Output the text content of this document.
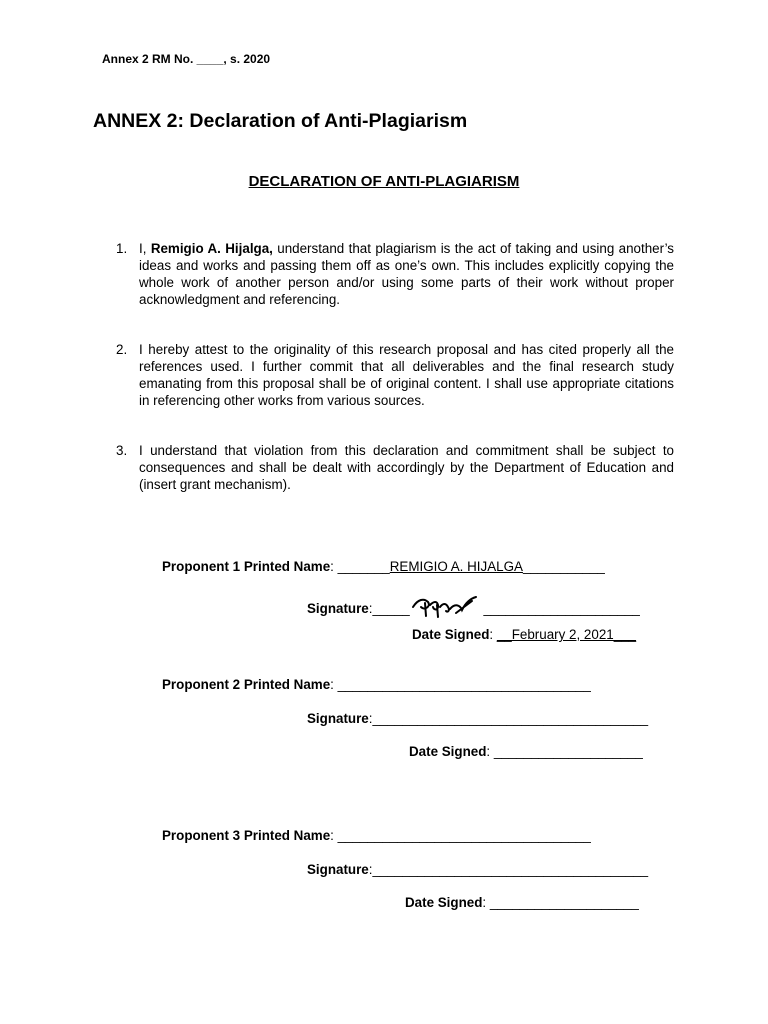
Annex 2 RM No. ____, s. 2020
ANNEX 2: Declaration of Anti-Plagiarism
DECLARATION OF ANTI-PLAGIARISM
1. I, Remigio A. Hijalga, understand that plagiarism is the act of taking and using another’s ideas and works and passing them off as one’s own. This includes explicitly copying the whole work of another person and/or using some parts of their work without proper acknowledgment and referencing.
2. I hereby attest to the originality of this research proposal and has cited properly all the references used. I further commit that all deliverables and the final research study emanating from this proposal shall be of original content. I shall use appropriate citations in referencing other works from various sources.
3. I understand that violation from this declaration and commitment shall be subject to consequences and shall be dealt with accordingly by the Department of Education and (insert grant mechanism).
Proponent 1 Printed Name: _______REMIGIO A. HIJALGA___________
Signature:_____	_____________________
Date Signed: __February 2, 2021___
Proponent 2 Printed Name: __________________________________
Signature:_____________________________________
Date Signed: ____________________
Proponent 3 Printed Name: __________________________________
Signature:_____________________________________
Date Signed: ____________________
